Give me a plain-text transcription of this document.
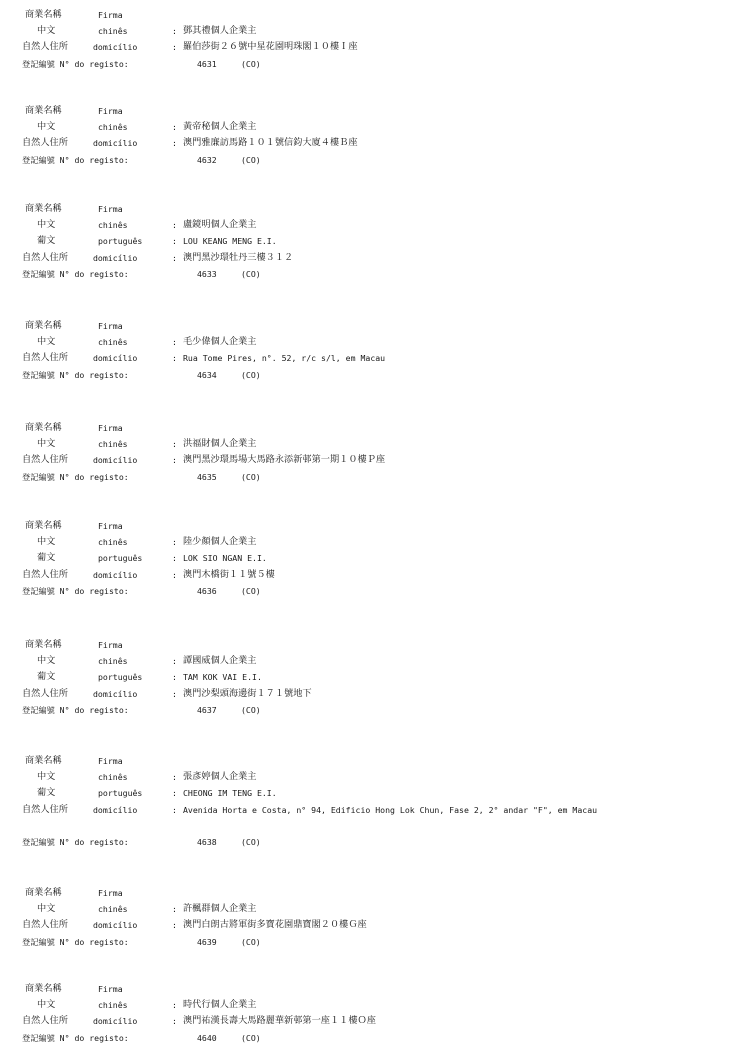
商業名稱	Firma
中文	chinês	: 鄧其禮個人企業主
自然人住所	domicílio	: 羅伯莎街２６號中星花園明珠閣１０樓Ｉ座
登記編號 N° do registo:	4631	(CO)
商業名稱	Firma
中文	chinês	: 黃帝秘個人企業主
自然人住所	domicílio	: 澳門雅廉訪馬路１０１號信鈞大廈４樓Ｂ座
登記編號 N° do registo:	4632	(CO)
商業名稱	Firma
中文	chinês	: 盧鏡明個人企業主
葡文	português	: LOU KEANG MENG E.I.
自然人住所	domicílio	: 澳門黑沙環牡丹三樓３１２
登記編號 N° do registo:	4633	(CO)
商業名稱	Firma
中文	chinês	: 毛少偉個人企業主
自然人住所	domicílio	: Rua Tome Pires, n°. 52, r/c s/l, em Macau
登記編號 N° do registo:	4634	(CO)
商業名稱	Firma
中文	chinês	: 洪福財個人企業主
自然人住所	domicílio	: 澳門黑沙環馬場大馬路永添新邨第一期１０樓Ｐ座
登記編號 N° do registo:	4635	(CO)
商業名稱	Firma
中文	chinês	: 陸少顏個人企業主
葡文	português	: LOK SIO NGAN E.I.
自然人住所	domicílio	: 澳門木橋街１１號５樓
登記編號 N° do registo:	4636	(CO)
商業名稱	Firma
中文	chinês	: 譚國威個人企業主
葡文	português	: TAM KOK VAI E.I.
自然人住所	domicílio	: 澳門沙梨頭海邊街１７１號地下
登記編號 N° do registo:	4637	(CO)
商業名稱	Firma
中文	chinês	: 張彥婷個人企業主
葡文	português	: CHEONG IM TENG E.I.
自然人住所	domicílio	: Avenida Horta e Costa, n° 94, Edificio Hong Lok Chun, Fase 2, 2° andar "F", em Macau
登記編號 N° do registo:	4638	(CO)
商業名稱	Firma
中文	chinês	: 許楓群個人企業主
自然人住所	domicílio	: 澳門白朗古將軍街多寶花園鼎寶閣２０樓Ｇ座
登記編號 N° do registo:	4639	(CO)
商業名稱	Firma
中文	chinês	: 時代行個人企業主
自然人住所	domicílio	: 澳門祐漢長壽大馬路麗華新邨第一座１１樓Ｏ座
登記編號 N° do registo:	4640	(CO)
